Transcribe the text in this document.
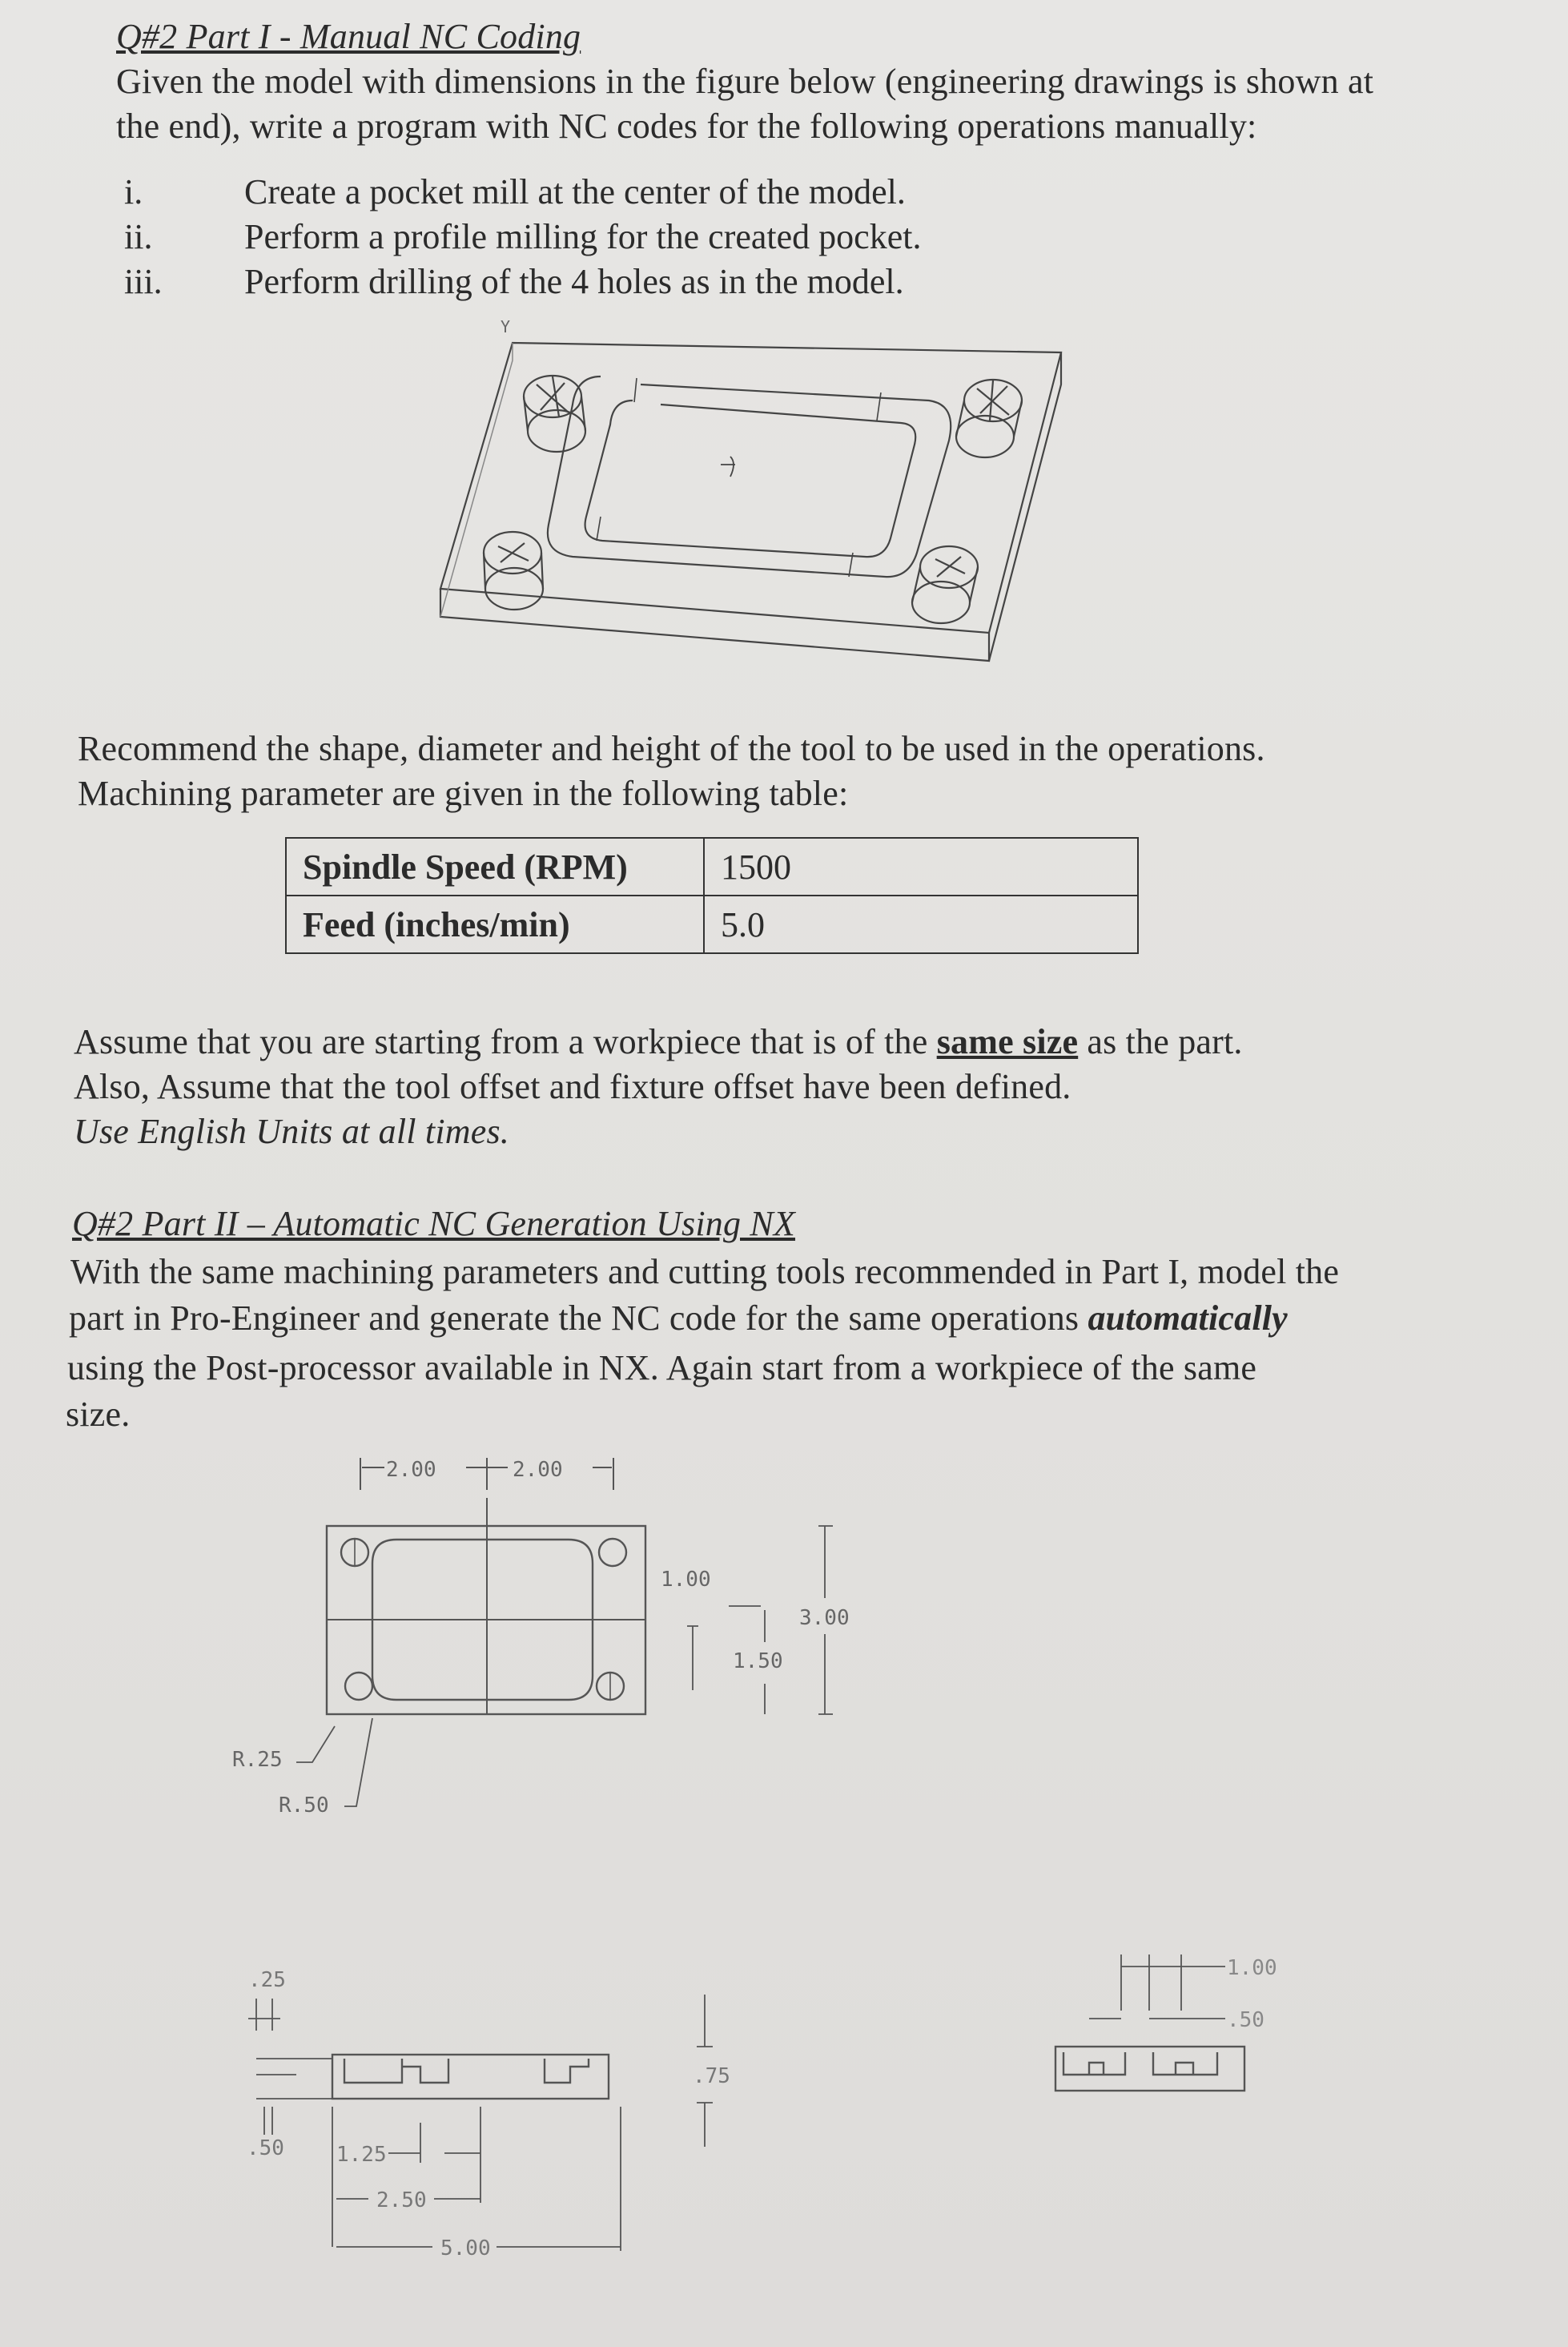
Q#2 Part I - Manual NC Coding
Given the model with dimensions in the figure below (engineering drawings is shown at
the end), write a program with NC codes for the following operations manually:
i.	Create a pocket mill at the center of the model.
ii.	Perform a profile milling for the created pocket.
iii. Perform drilling of the 4 holes as in the model.
Y
Recommend the shape, diameter and height of the tool to be used in the operations.
Machining parameter are given in the following table:
Spindle Speed (RPM)	1500
Feed (inches/min)	5.0
Assume that you are starting from a workpiece that is of the same size as the part.
Also, Assume that the tool offset and fixture offset have been defined.
Use English Units at all times.
Q#2 Part II – Automatic NC Generation Using NX
With the same machining parameters and cutting tools recommended in Part I, model the
part in Pro-Engineer and generate the NC code for the same operations automatically
using the Post-processor available in NX. Again start from a workpiece of the same
size.
2.00	2.00
1.00
3.00
1.50
R.25
R.50
.25
.50
.75
1.25
2.50
5.00
1.00
.50
